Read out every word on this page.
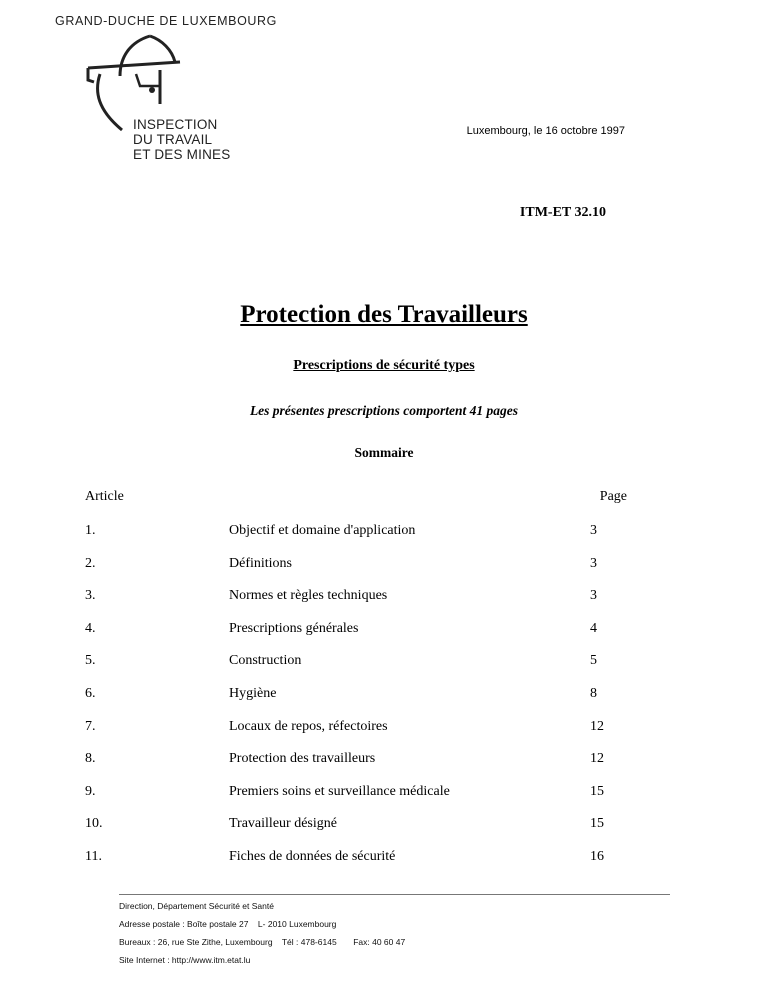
GRAND-DUCHE DE LUXEMBOURG
INSPECTION
DU TRAVAIL
ET DES MINES
Luxembourg, le 16 octobre 1997
ITM-ET 32.10
Protection des Travailleurs
Prescriptions de sécurité types
Les présentes prescriptions comportent 41 pages
Sommaire
Article	Page
1.	Objectif et domaine d'application	3
2.	Définitions	3
3.	Normes et règles techniques	3
4.	Prescriptions générales	4
5.	Construction	5
6.	Hygiène	8
7.	Locaux de repos, réfectoires	12
8.	Protection des travailleurs	12
9.	Premiers soins et surveillance médicale	15
10.	Travailleur désigné	15
11.	Fiches de données de sécurité	16
Direction, Département Sécurité et Santé
Adresse postale : Boîte postale 27    L- 2010 Luxembourg
Bureaux : 26, rue Ste Zithe, Luxembourg    Tél : 478-6145       Fax: 40 60 47
Site Internet : http://www.itm.etat.lu
